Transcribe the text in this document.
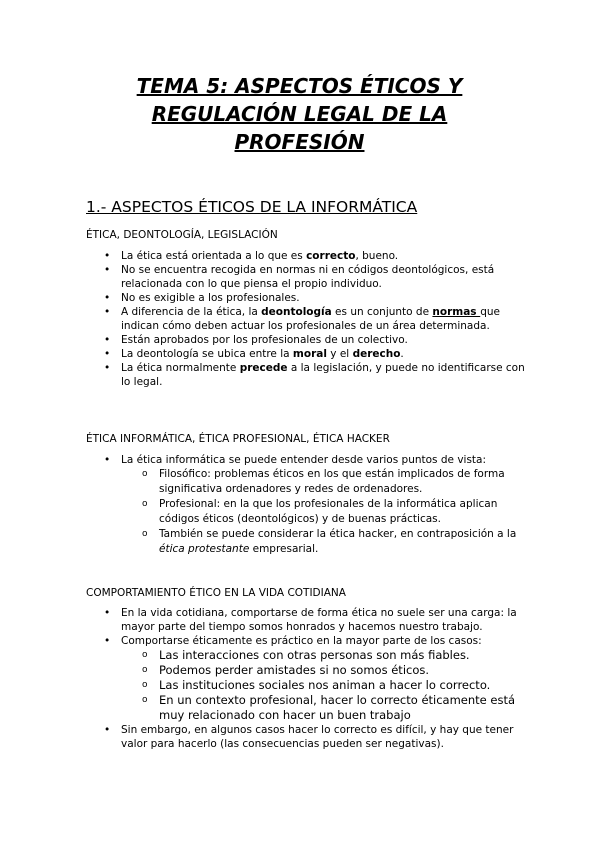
TEMA 5: ASPECTOS ÉTICOS Y
REGULACIÓN LEGAL DE LA
PROFESIÓN
1.- ASPECTOS ÉTICOS DE LA INFORMÁTICA
ÉTICA, DEONTOLOGÍA, LEGISLACIÓN
• La ética está orientada a lo que es correcto, bueno.
• No se encuentra recogida en normas ni en códigos deontológicos, está relacionada con lo que piensa el propio individuo.
• No es exigible a los profesionales.
• A diferencia de la ética, la deontología es un conjunto de normas que indican cómo deben actuar los profesionales de un área determinada.
• Están aprobados por los profesionales de un colectivo.
• La deontología se ubica entre la moral y el derecho.
• La ética normalmente precede a la legislación, y puede no identificarse con lo legal.
ÉTICA INFORMÁTICA, ÉTICA PROFESIONAL, ÉTICA HACKER
• La ética informática se puede entender desde varios puntos de vista:
o Filosófico: problemas éticos en los que están implicados de forma significativa ordenadores y redes de ordenadores.
o Profesional: en la que los profesionales de la informática aplican códigos éticos (deontológicos) y de buenas prácticas.
o También se puede considerar la ética hacker, en contraposición a la ética protestante empresarial.
COMPORTAMIENTO ÉTICO EN LA VIDA COTIDIANA
• En la vida cotidiana, comportarse de forma ética no suele ser una carga: la mayor parte del tiempo somos honrados y hacemos nuestro trabajo.
• Comportarse éticamente es práctico en la mayor parte de los casos:
o Las interacciones con otras personas son más fiables.
o Podemos perder amistades si no somos éticos.
o Las instituciones sociales nos animan a hacer lo correcto.
o En un contexto profesional, hacer lo correcto éticamente está muy relacionado con hacer un buen trabajo
• Sin embargo, en algunos casos hacer lo correcto es difícil, y hay que tener valor para hacerlo (las consecuencias pueden ser negativas).
